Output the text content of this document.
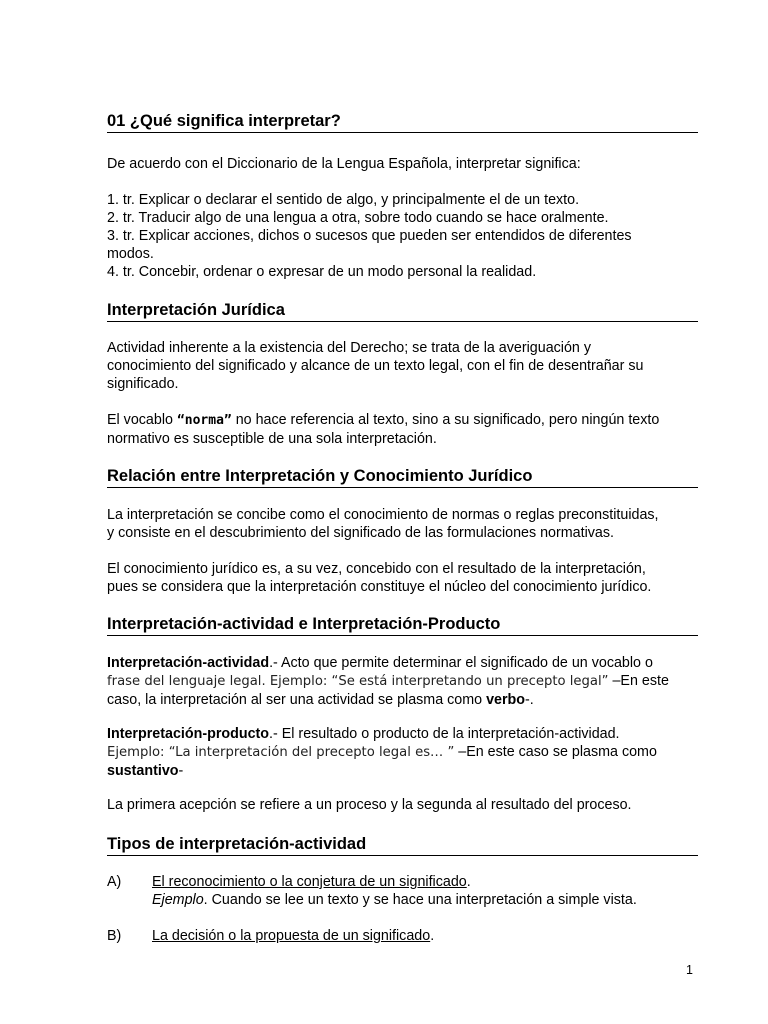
01 ¿Qué significa interpretar?
De acuerdo con el Diccionario de la Lengua Española, interpretar significa:
1. tr. Explicar o declarar el sentido de algo, y principalmente el de un texto.
2. tr. Traducir algo de una lengua a otra, sobre todo cuando se hace oralmente.
3. tr. Explicar acciones, dichos o sucesos que pueden ser entendidos de diferentes
modos.
4. tr. Concebir, ordenar o expresar de un modo personal la realidad.
Interpretación Jurídica
Actividad inherente a la existencia del Derecho; se trata de la averiguación y
conocimiento del significado y alcance de un texto legal, con el fin de desentrañar su
significado.
El vocablo “norma” no hace referencia al texto, sino a su significado, pero ningún texto
normativo es susceptible de una sola interpretación.
Relación entre Interpretación y Conocimiento Jurídico
La interpretación se concibe como el conocimiento de normas o reglas preconstituidas,
y consiste en el descubrimiento del significado de las formulaciones normativas.
El conocimiento jurídico es, a su vez, concebido con el resultado de la interpretación,
pues se considera que la interpretación constituye el núcleo del conocimiento jurídico.
Interpretación-actividad e Interpretación-Producto
Interpretación-actividad.- Acto que permite determinar el significado de un vocablo o
frase del lenguaje legal. Ejemplo: “Se está interpretando un precepto legal” –En este
caso, la interpretación al ser una actividad se plasma como verbo-.
Interpretación-producto.- El resultado o producto de la interpretación-actividad.
Ejemplo: “La interpretación del precepto legal es… ” –En este caso se plasma como
sustantivo-
La primera acepción se refiere a un proceso y la segunda al resultado del proceso.
Tipos de interpretación-actividad
A) El reconocimiento o la conjetura de un significado.
Ejemplo. Cuando se lee un texto y se hace una interpretación a simple vista.
B) La decisión o la propuesta de un significado.
1
